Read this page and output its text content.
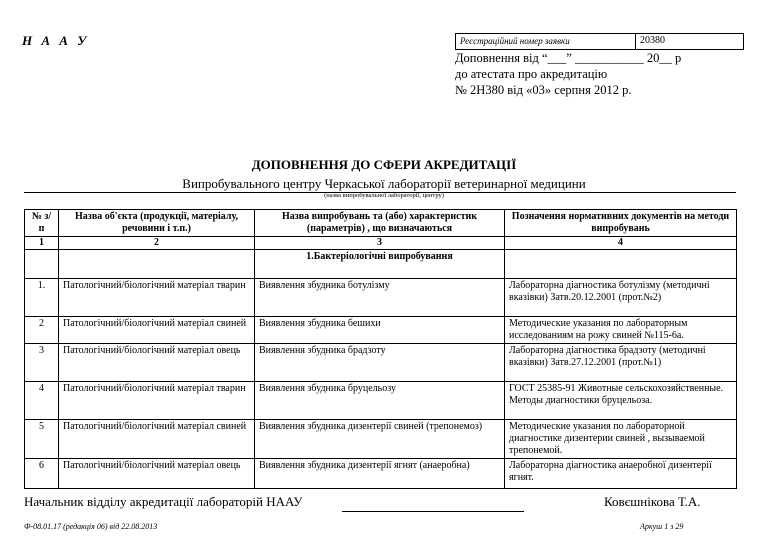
Н А А У	Реєстраційний номер заявки	20380
Доповнення від “___” ___________ 20__ р
до атестата про акредитацію
№ 2Н380 від «03» серпня 2012 р.
ДОПОВНЕННЯ ДО СФЕРИ АКРЕДИТАЦІЇ
Випробувального центру Черкаської лабораторії ветеринарної медицини
(назва випробувальної лабораторії, центру)
№ з/п	Назва об'єкта (продукції, матеріалу, речовини і т.п.)	Назва випробувань та (або) характеристик (параметрів) , що визначаються	Позначення нормативних документів на методи випробувань
1	2	3	4
		1.Бактеріологічні випробування	
1.	Патологічний/біологічний матеріал тварин	Виявлення збудника ботулізму	Лабораторна діагностика ботулізму (методичні вказівки) Затв.20.12.2001 (прот.№2)
2	Патологічний/біологічний матеріал свиней	Виявлення збудника бешихи	Методические указания по лабораторным исследованиям на рожу свиней №115-6а.
3	Патологічний/біологічний матеріал овець	Виявлення збудника брадзоту	Лабораторна діагностика брадзоту (методичні вказівки) Затв.27.12.2001 (прот.№1)
4	Патологічний/біологічний матеріал тварин	Виявлення збудника бруцельозу	ГОСТ 25385-91 Животные сельскохозяйственные. Методы диагностики бруцельоза.
5	Патологічний/біологічний матеріал свиней	Виявлення збудника дизентерії свиней (трепонемоз)	Методические указания по лабораторной диагностике дизентерии свиней , вызываемой трепонемой.
6	Патологічний/біологічний матеріал овець	Виявлення збудника дизентерії ягнят (анаеробна)	Лабораторна діагностика анаеробної дизентерії ягнят.
Начальник відділу акредитації лабораторій НААУ	Ковєшнікова Т.А.
Ф-08.01.17 (редакція 06) від 22.08.2013	Аркуш 1 з 29
